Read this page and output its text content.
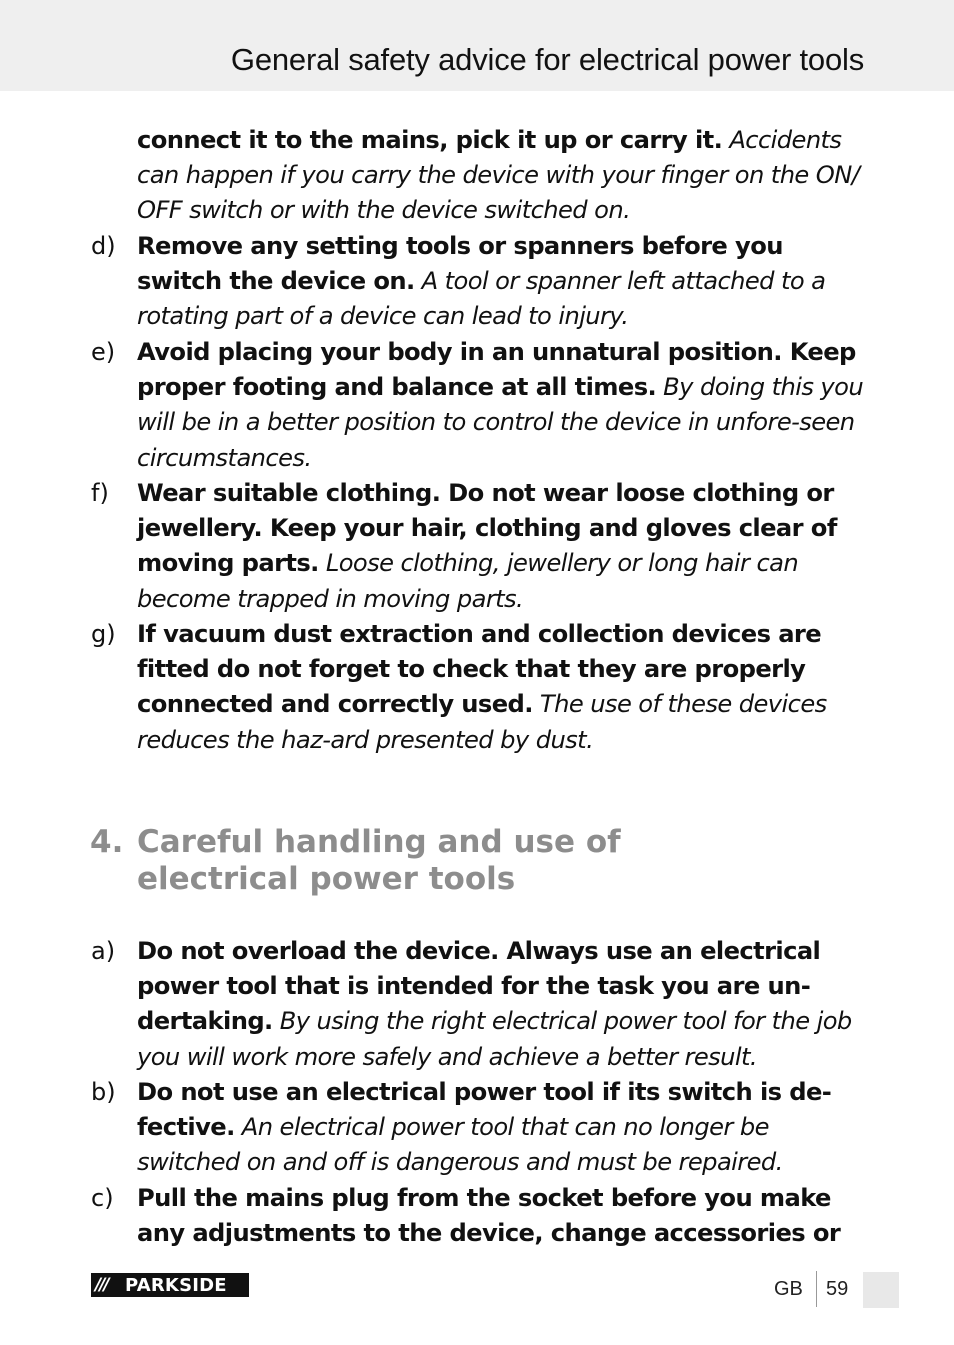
General safety advice for electrical power tools
connect it to the mains, pick it up or carry it. Accidents can happen if you carry the device with your finger on the ON/ OFF switch or with the device switched on.
d) Remove any setting tools or spanners before you switch the device on. A tool or spanner left attached to a rotating part of a device can lead to injury.
e) Avoid placing your body in an unnatural position. Keep proper footing and balance at all times. By doing this you will be in a better position to control the device in unfore-seen circumstances.
f) Wear suitable clothing. Do not wear loose clothing or jewellery. Keep your hair, clothing and gloves clear of moving parts. Loose clothing, jewellery or long hair can become trapped in moving parts.
g) If vacuum dust extraction and collection devices are fitted do not forget to check that they are properly connected and correctly used. The use of these devices reduces the haz-ard presented by dust.
4. Careful handling and use of electrical power tools
a) Do not overload the device. Always use an electrical power tool that is intended for the task you are un-dertaking. By using the right electrical power tool for the job you will work more safely and achieve a better result.
b) Do not use an electrical power tool if its switch is de-fective. An electrical power tool that can no longer be switched on and off is dangerous and must be repaired.
c) Pull the mains plug from the socket before you make any adjustments to the device, change accessories or
/// PARKSIDE	GB 59
